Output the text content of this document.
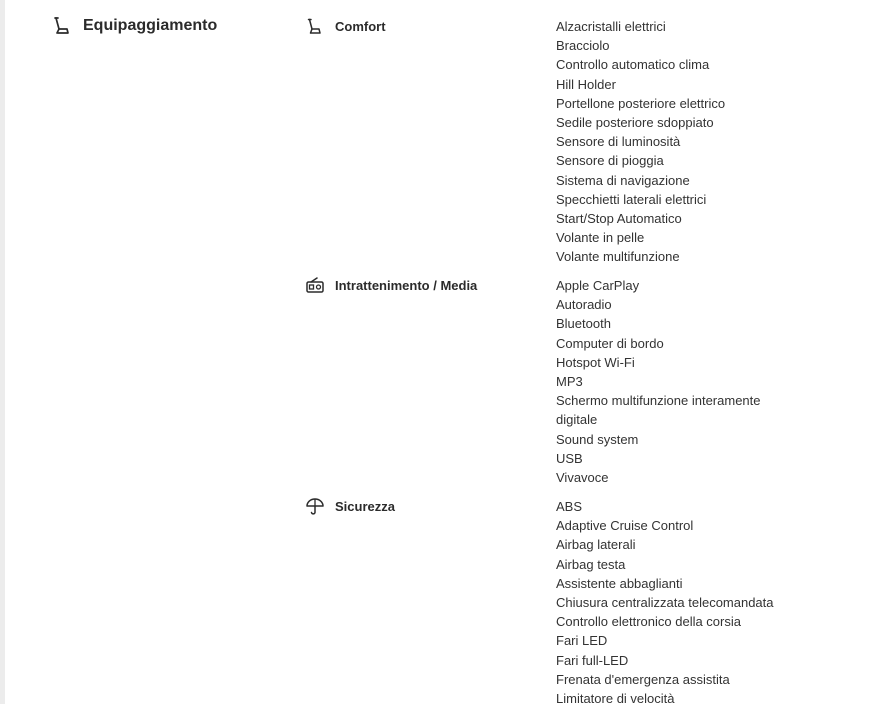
Equipaggiamento	Comfort	Alzacristalli elettrici
Bracciolo
Controllo automatico clima
Hill Holder
Portellone posteriore elettrico
Sedile posteriore sdoppiato
Sensore di luminosità
Sensore di pioggia
Sistema di navigazione
Specchietti laterali elettrici
Start/Stop Automatico
Volante in pelle
Volante multifunzione
Intrattenimento / Media	Apple CarPlay
Autoradio
Bluetooth
Computer di bordo
Hotspot Wi-Fi
MP3
Schermo multifunzione interamente digitale
Sound system
USB
Vivavoce
Sicurezza	ABS
Adaptive Cruise Control
Airbag laterali
Airbag testa
Assistente abbaglianti
Chiusura centralizzata telecomandata
Controllo elettronico della corsia
Fari LED
Fari full-LED
Frenata d'emergenza assistita
Limitatore di velocità
